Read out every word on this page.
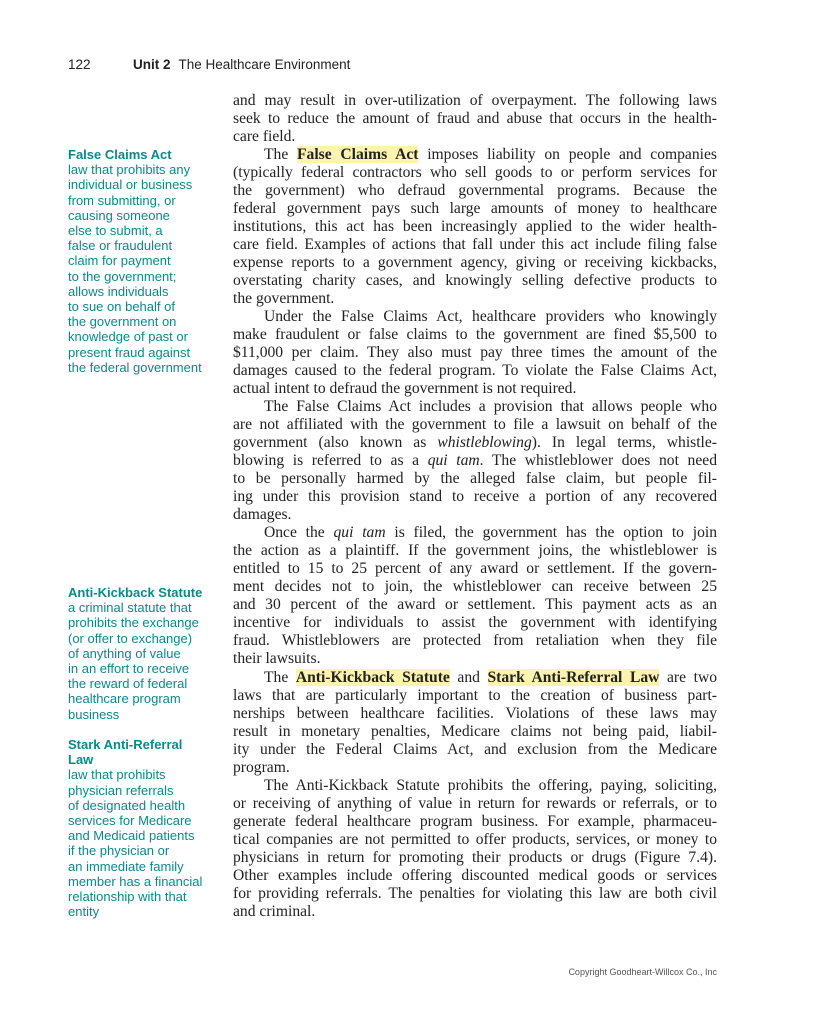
122	Unit 2 The Healthcare Environment
False Claims Act
law that prohibits any
individual or business
from submitting, or
causing someone
else to submit, a
false or fraudulent
claim for payment
to the government;
allows individuals
to sue on behalf of
the government on
knowledge of past or
present fraud against
the federal government
Anti-Kickback Statute
a criminal statute that
prohibits the exchange
(or offer to exchange)
of anything of value
in an effort to receive
the reward of federal
healthcare program
business
Stark Anti-Referral
Law
law that prohibits
physician referrals
of designated health
services for Medicare
and Medicaid patients
if the physician or
an immediate family
member has a financial
relationship with that
entity
and may result in over-utilization of overpayment. The following laws
seek to reduce the amount of fraud and abuse that occurs in the health-
care field.
The False Claims Act imposes liability on people and companies
(typically federal contractors who sell goods to or perform services for
the government) who defraud governmental programs. Because the
federal government pays such large amounts of money to healthcare
institutions, this act has been increasingly applied to the wider health-
care field. Examples of actions that fall under this act include filing false
expense reports to a government agency, giving or receiving kickbacks,
overstating charity cases, and knowingly selling defective products to
the government.
Under the False Claims Act, healthcare providers who knowingly
make fraudulent or false claims to the government are fined $5,500 to
$11,000 per claim. They also must pay three times the amount of the
damages caused to the federal program. To violate the False Claims Act,
actual intent to defraud the government is not required.
The False Claims Act includes a provision that allows people who
are not affiliated with the government to file a lawsuit on behalf of the
government (also known as whistleblowing). In legal terms, whistle-
blowing is referred to as a qui tam. The whistleblower does not need
to be personally harmed by the alleged false claim, but people fil-
ing under this provision stand to receive a portion of any recovered
damages.
Once the qui tam is filed, the government has the option to join
the action as a plaintiff. If the government joins, the whistleblower is
entitled to 15 to 25 percent of any award or settlement. If the govern-
ment decides not to join, the whistleblower can receive between 25
and 30 percent of the award or settlement. This payment acts as an
incentive for individuals to assist the government with identifying
fraud. Whistleblowers are protected from retaliation when they file
their lawsuits.
The Anti-Kickback Statute and Stark Anti-Referral Law are two
laws that are particularly important to the creation of business part-
nerships between healthcare facilities. Violations of these laws may
result in monetary penalties, Medicare claims not being paid, liabil-
ity under the Federal Claims Act, and exclusion from the Medicare
program.
The Anti-Kickback Statute prohibits the offering, paying, soliciting,
or receiving of anything of value in return for rewards or referrals, or to
generate federal healthcare program business. For example, pharmaceu-
tical companies are not permitted to offer products, services, or money to
physicians in return for promoting their products or drugs (Figure 7.4).
Other examples include offering discounted medical goods or services
for providing referrals. The penalties for violating this law are both civil
and criminal.
Copyright Goodheart-Willcox Co., Inc
